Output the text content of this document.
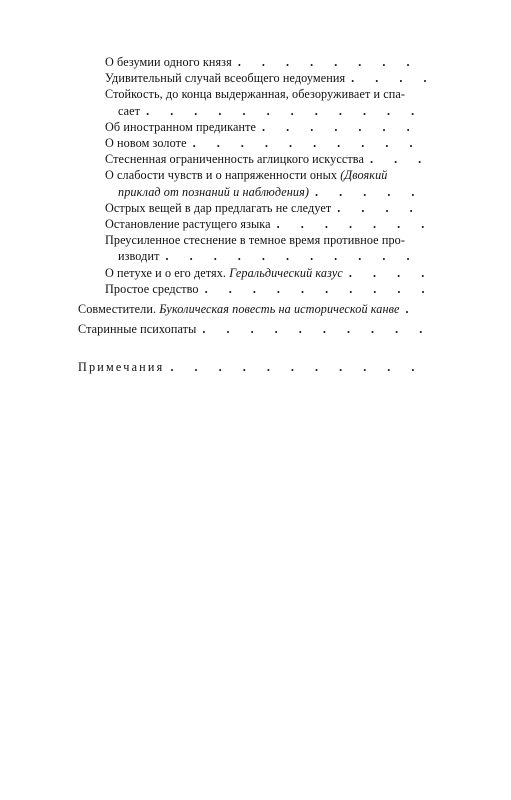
О безумии одного князя
. . .
Удивительный случай всеобщего недоумения
. . .
Стойкость, до конца выдержанная, обезоруживает и спа-
сает
. . .
Об иностранном предиканте
. . .
О новом золоте
. . .
Стесненная ограниченность аглицкого искусства
. . .
О слабости чувств и о напряженности оных (Двоякий
приклад от познаний и наблюдения)
. . .
Острых вещей в дар предлагать не следует
. . .
Остановление растущего языка
. . .
Преусиленное стеснение в темное время противное про-
изводит
. . .
О петухе и о его детях. Геральдический казус
. . .
Простое средство
. . .
Совместители. Буколическая повесть на исторической канве
. . .
Старинные психопаты
. . .
Примечания
. . .
